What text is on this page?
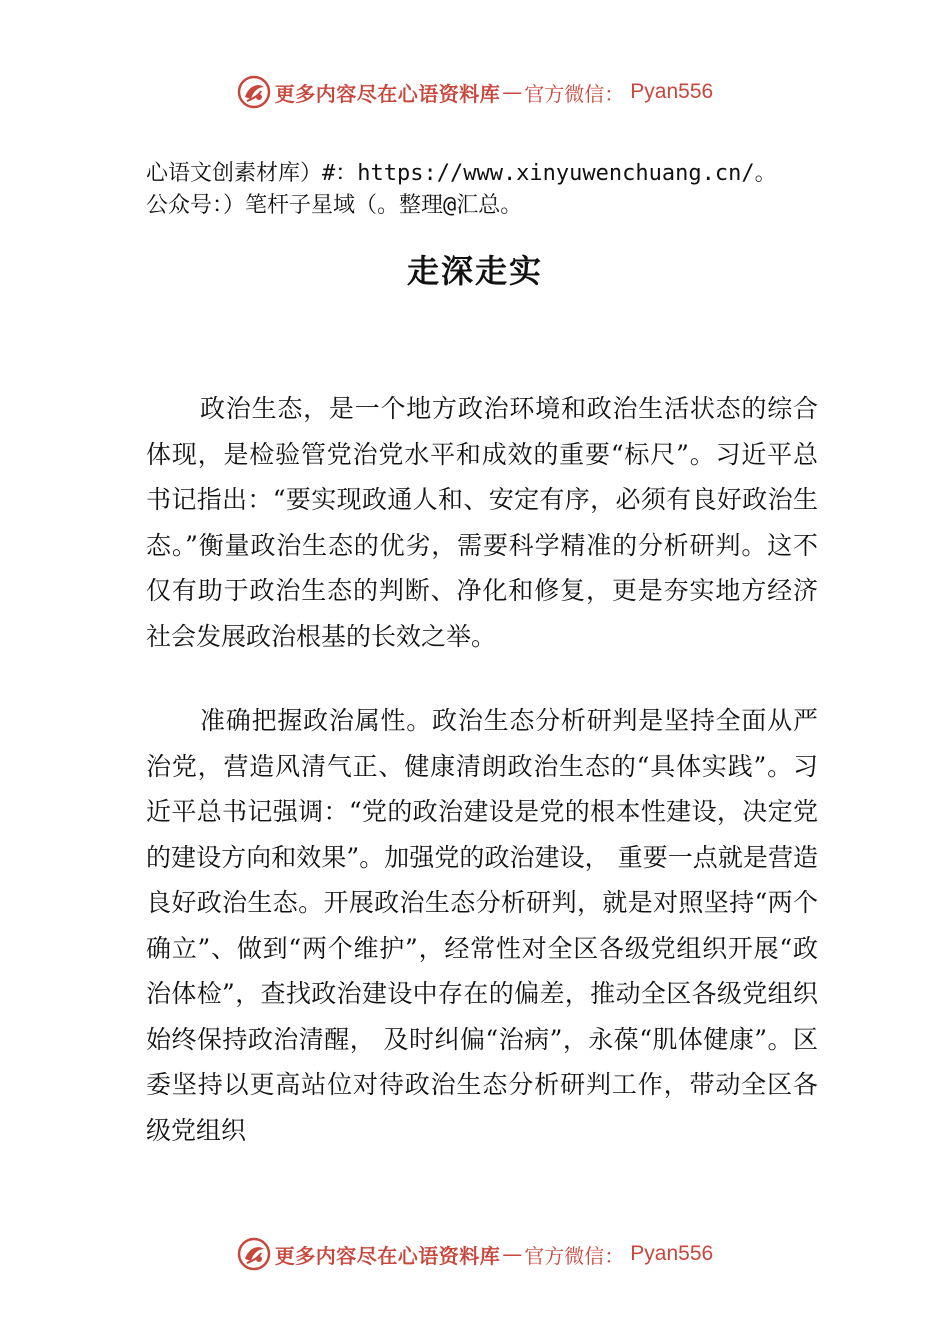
更多内容尽在心语资料库 — 官方微信： Pyan556
心语文创素材库）#：https://www.xinyuwenchuang.cn/。
公众号：）笔杆子星域（。整理@汇总。
走深走实
政治生态，是一个地方政治环境和政治生活状态的综合体现，是检验管党治党水平和成效的重要“标尺”。习近平总书记指出：“要实现政通人和、安定有序，必须有良好政治生态。”衡量政治生态的优劣，需要科学精准的分析研判。这不仅有助于政治生态的判断、净化和修复，更是夯实地方经济社会发展政治根基的长效之举。
准确把握政治属性。政治生态分析研判是坚持全面从严治党，营造风清气正、健康清朗政治生态的“具体实践”。习近平总书记强调：“党的政治建设是党的根本性建设，决定党的建设方向和效果”。加强党的政治建设， 重要一点就是营造良好政治生态。开展政治生态分析研判，就是对照坚持“两个确立”、做到“两个维护”，经常性对全区各级党组织开展“政治体检”，查找政治建设中存在的偏差，推动全区各级党组织始终保持政治清醒， 及时纠偏“治病”，永葆“肌体健康”。区委坚持以更高站位对待政治生态分析研判工作，带动全区各级党组织
更多内容尽在心语资料库 — 官方微信： Pyan556
